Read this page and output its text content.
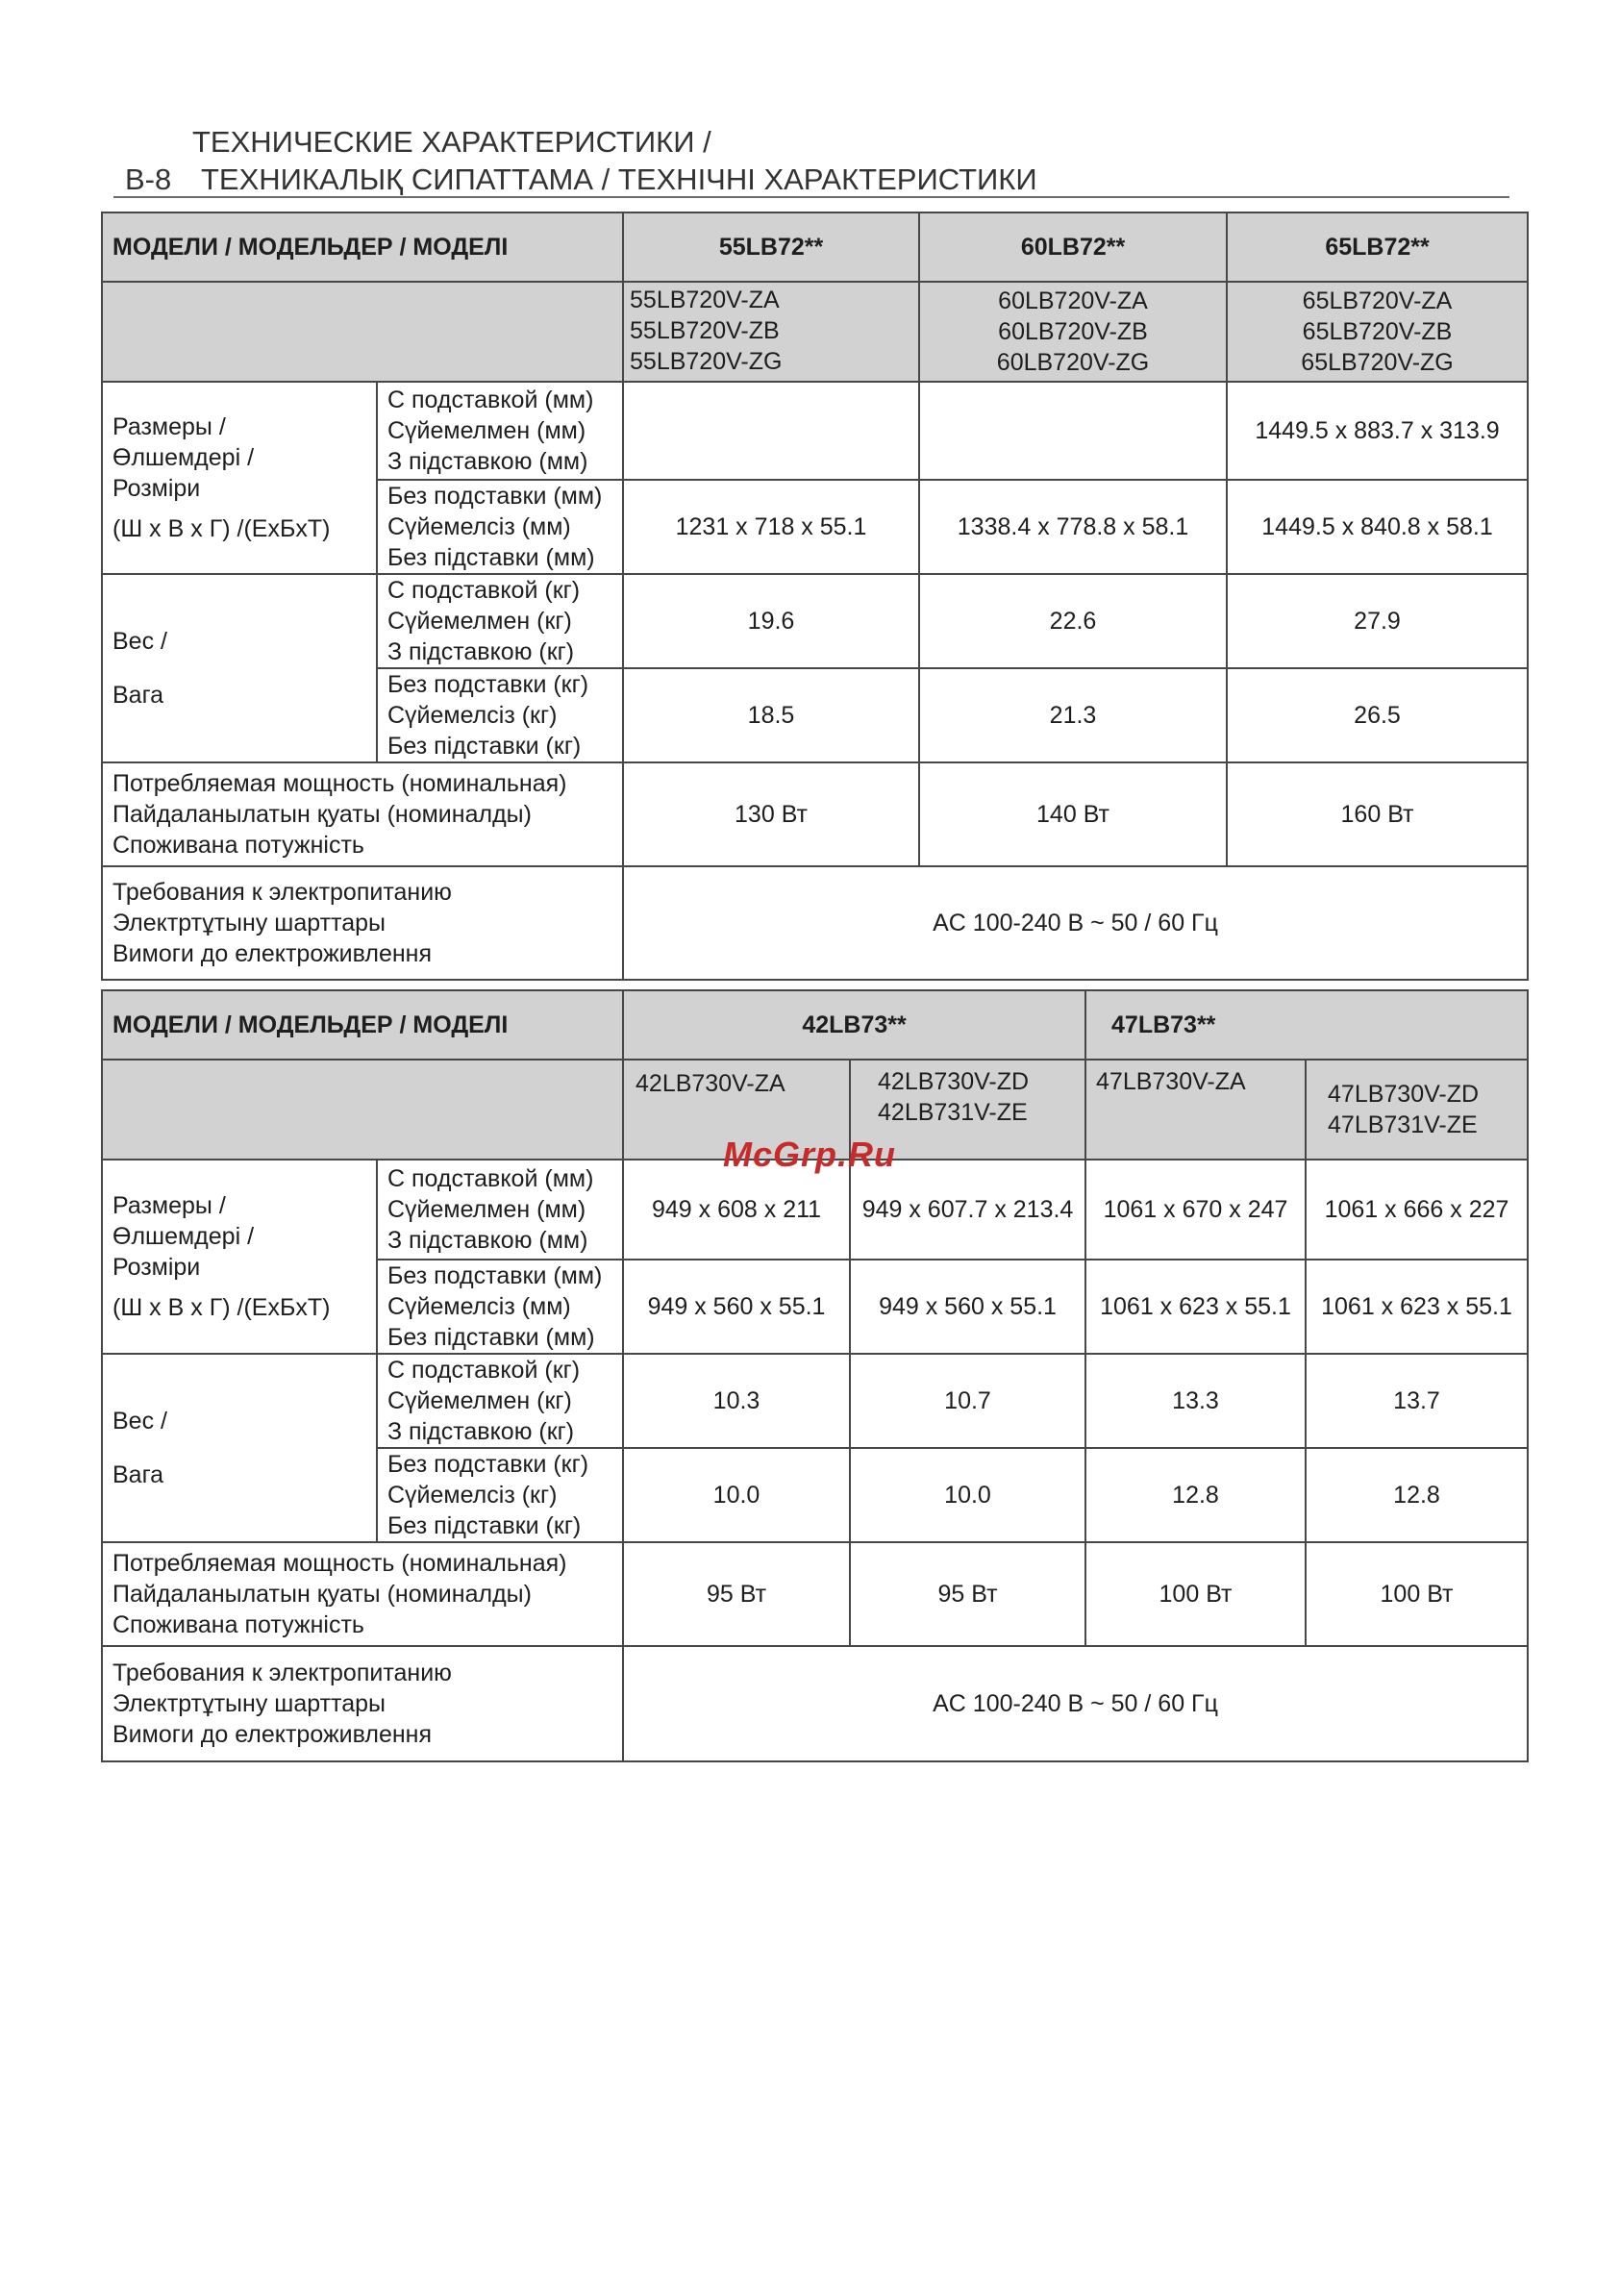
ТЕХНИЧЕСКИЕ ХАРАКТЕРИСТИКИ /
B-8 ТЕХНИКАЛЫҚ СИПАТТАМА / ТЕХНІЧНІ ХАРАКТЕРИСТИКИ
МОДЕЛИ / МОДЕЛЬДЕР / МОДЕЛІ		55LB72**	60LB72**	65LB72**

		55LB720V-ZA
55LB720V-ZB
55LB720V-ZG	60LB720V-ZA
60LB720V-ZB
60LB720V-ZG	65LB720V-ZA
65LB720V-ZB
65LB720V-ZG

Размеры /
Өлшемдері /
Розміри
(Ш х В х Г) /(ЕхБхТ)	С подставкой (мм)
Сүйемелмен (мм)
З підставкою (мм)			1449.5 x 883.7 x 313.9

	Без подставки (мм)
Сүйемелсіз (мм)
Без підставки (мм)	1231 x 718 x 55.1	1338.4 x 778.8 x 58.1	1449.5 x 840.8 x 58.1

Вес /
Вага	С подставкой (кг)
Сүйемелмен (кг)
З підставкою (кг)	19.6	22.6	27.9

	Без подставки (кг)
Сүйемелсіз (кг)
Без підставки (кг)	18.5	21.3	26.5

Потребляемая мощность (номинальная)
Пайдаланылатын қуаты (номиналды)
Споживана потужність		130 Вт	140 Вт	160 Вт

Требования к электропитанию
Электртұтыну шарттары
Вимоги до електроживлення		AC 100-240 В ~ 50 / 60 Гц		
МОДЕЛИ / МОДЕЛЬДЕР / МОДЕЛІ		42LB73**		47LB73**	

		42LB730V-ZA	42LB730V-ZD
42LB731V-ZE	47LB730V-ZA	47LB730V-ZD
47LB731V-ZE

Размеры /
Өлшемдері /
Розміри
(Ш х В х Г) /(ЕхБхТ)	С подставкой (мм)
Сүйемелмен (мм)
З підставкою (мм)	949 x 608 x 211	949 x 607.7 x 213.4	1061 x 670 x 247	1061 x 666 x 227

	Без подставки (мм)
Сүйемелсіз (мм)
Без підставки (мм)	949 x 560 x 55.1	949 x 560 x 55.1	1061 x 623 x 55.1	1061 x 623 x 55.1

Вес /
Вага	С подставкой (кг)
Сүйемелмен (кг)
З підставкою (кг)	10.3	10.7	13.3	13.7

	Без подставки (кг)
Сүйемелсіз (кг)
Без підставки (кг)	10.0	10.0	12.8	12.8

Потребляемая мощность (номинальная)
Пайдаланылатын қуаты (номиналды)
Споживана потужність		95 Вт	95 Вт	100 Вт	100 Вт

Требования к электропитанию
Электртұтыну шарттары
Вимоги до електроживлення		AC 100-240 В ~ 50 / 60 Гц			
McGrp.Ru
